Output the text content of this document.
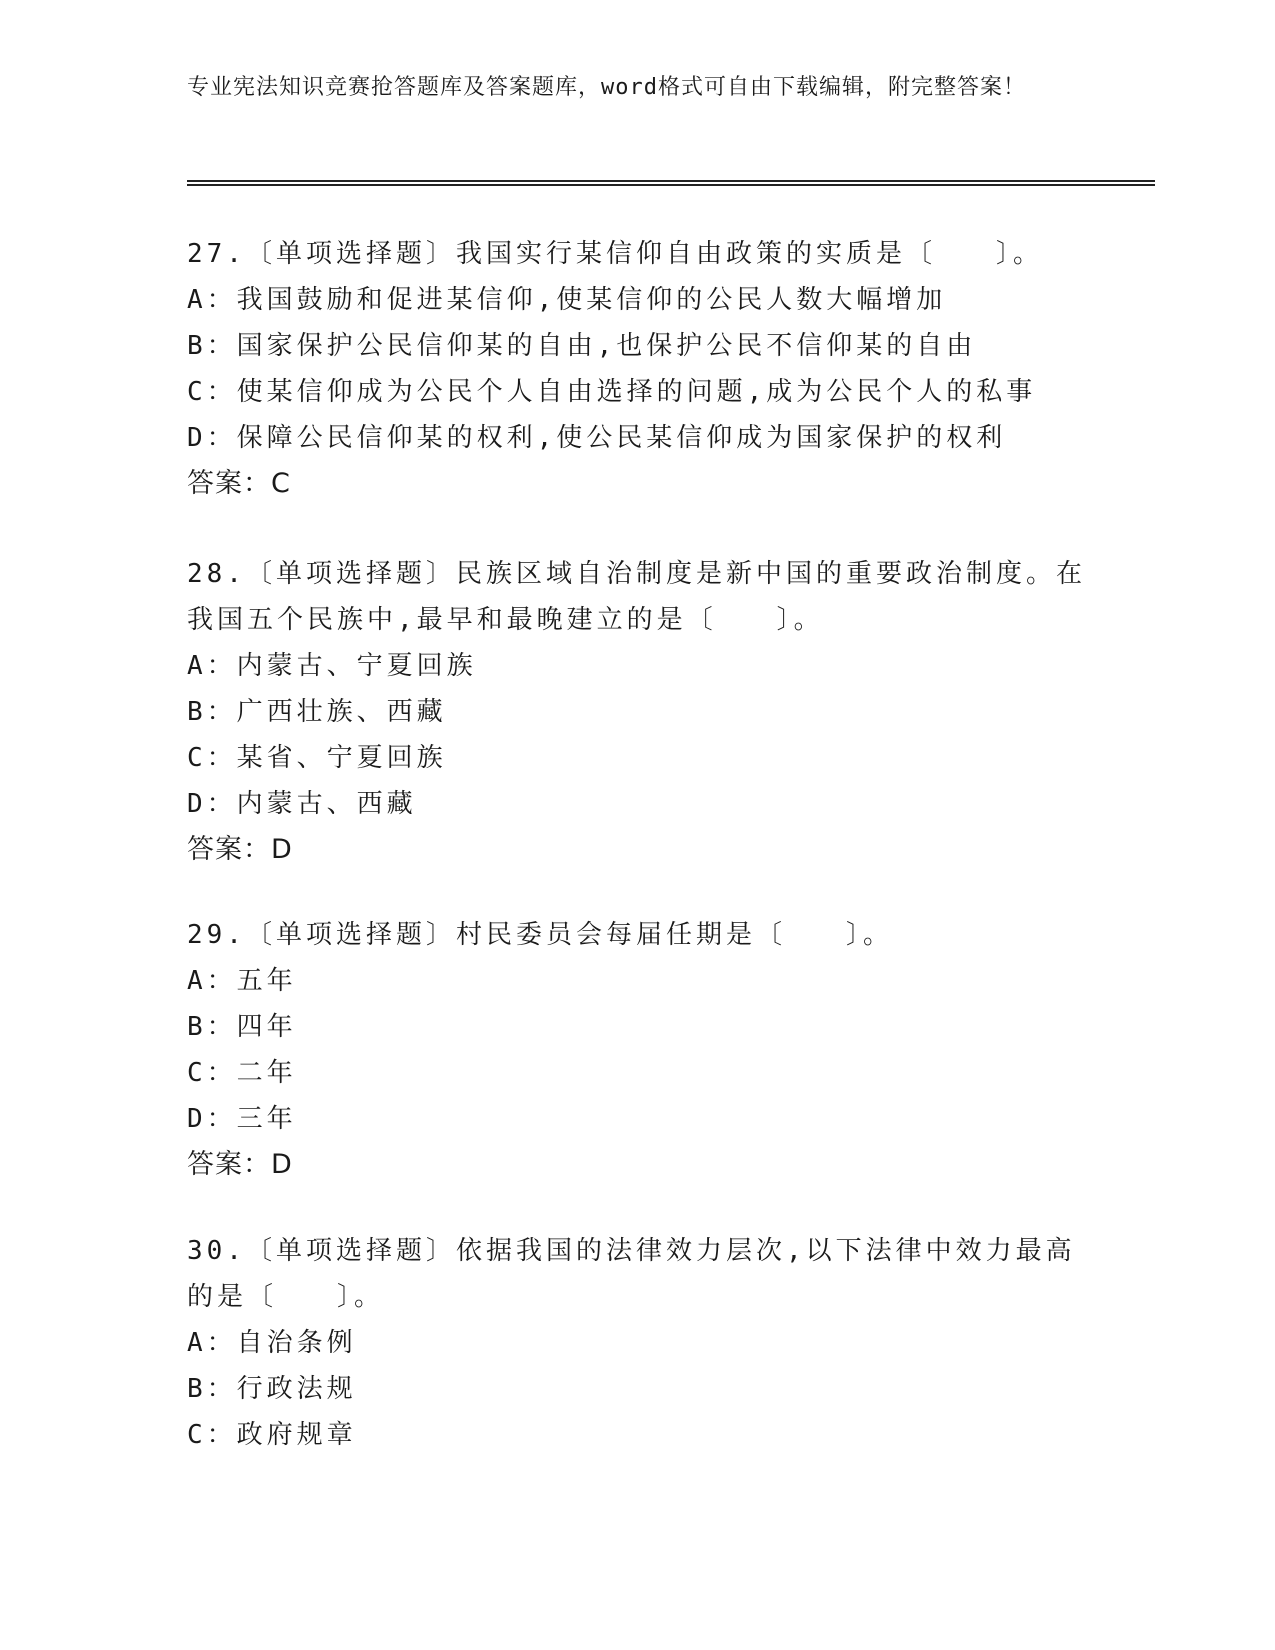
专业宪法知识竞赛抢答题库及答案题库，word格式可自由下载编辑，附完整答案！

27.〔单项选择题〕我国实行某信仰自由政策的实质是〔　　〕。

A：我国鼓励和促进某信仰,使某信仰的公民人数大幅增加

B：国家保护公民信仰某的自由,也保护公民不信仰某的自由

C：使某信仰成为公民个人自由选择的问题,成为公民个人的私事

D：保障公民信仰某的权利,使公民某信仰成为国家保护的权利

答案：C

28.〔单项选择题〕民族区域自治制度是新中国的重要政治制度。在我国五个民族中,最早和最晚建立的是〔　　〕。

A：内蒙古、宁夏回族

B：广西壮族、西藏

C：某省、宁夏回族

D：内蒙古、西藏

答案：D

29.〔单项选择题〕村民委员会每届任期是〔　　〕。

A：五年

B：四年

C：二年

D：三年

答案：D

30.〔单项选择题〕依据我国的法律效力层次,以下法律中效力最高的是〔　　〕。

A：自治条例

B：行政法规

C：政府规章
